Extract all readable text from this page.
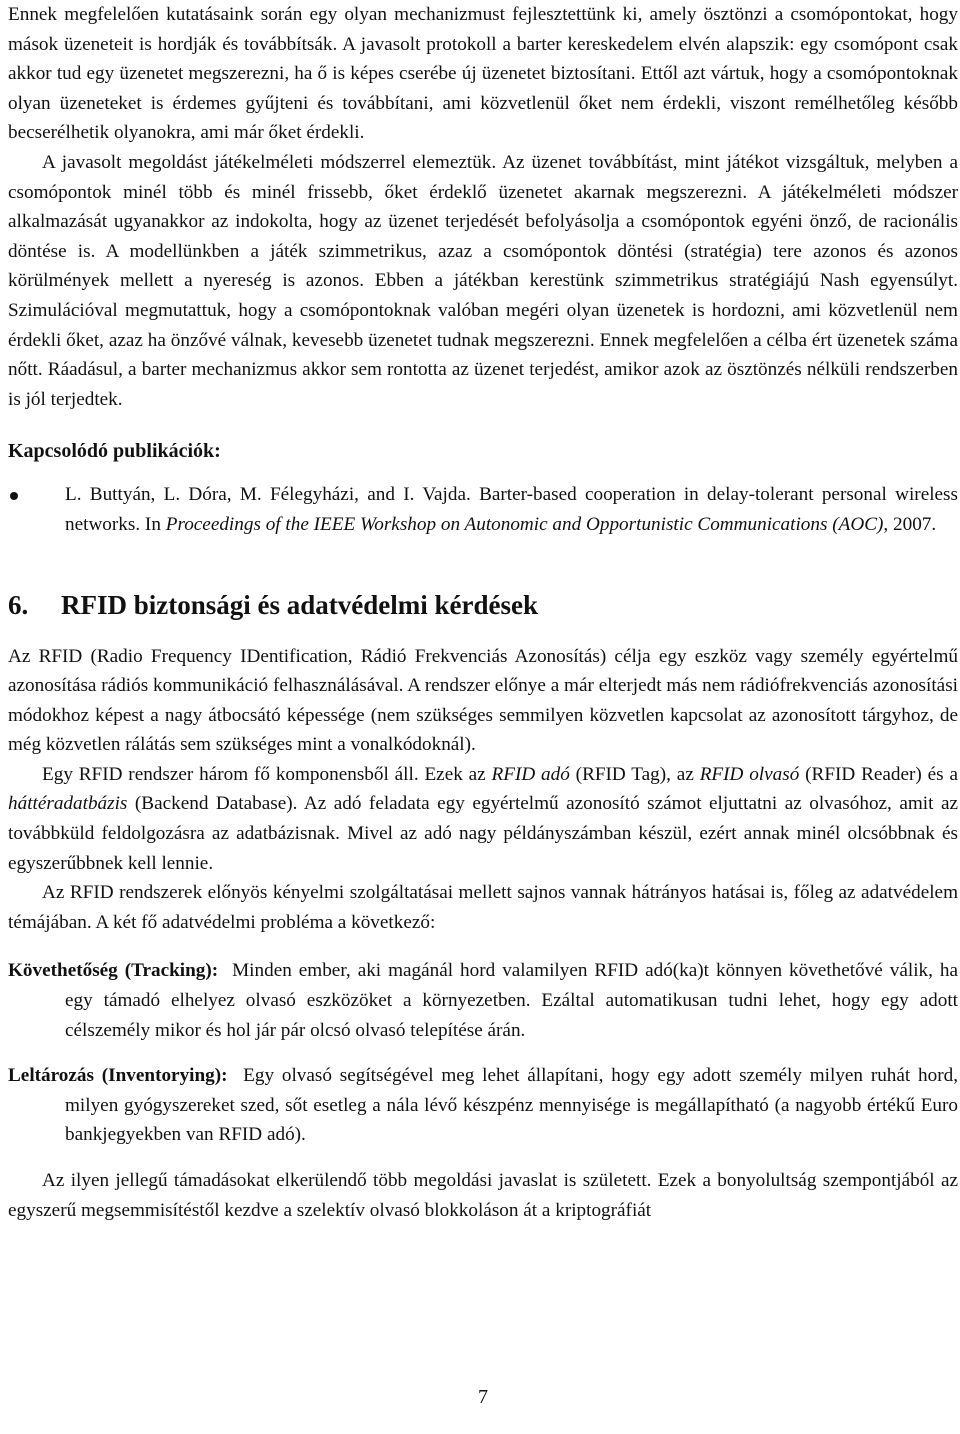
Ennek megfelelően kutatásaink során egy olyan mechanizmust fejlesztettünk ki, amely ösztönzi a csomópontokat, hogy mások üzeneteit is hordják és továbbítsák. A javasolt protokoll a barter kereskedelem elvén alapszik: egy csomópont csak akkor tud egy üzenetet megszerezni, ha ő is képes cserébe új üzenetet biztosítani. Ettől azt vártuk, hogy a csomópontoknak olyan üzeneteket is érdemes gyűjteni és továbbítani, ami közvetlenül őket nem érdekli, viszont remélhetőleg később becserélhetik olyanokra, ami már őket érdekli.

A javasolt megoldást játékelméleti módszerrel elemeztük. Az üzenet továbbítást, mint játékot vizsgáltuk, melyben a csomópontok minél több és minél frissebb, őket érdeklő üzenetet akarnak megszerezni. A játékelméleti módszer alkalmazását ugyanakkor az indokolta, hogy az üzenet terjedését befolyásolja a csomópontok egyéni önző, de racionális döntése is. A modellünkben a játék szimmetrikus, azaz a csomópontok döntési (stratégia) tere azonos és azonos körülmények mellett a nyereség is azonos. Ebben a játékban kerestünk szimmetrikus stratégiájú Nash egyensúlyt. Szimulációval megmutattuk, hogy a csomópontoknak valóban megéri olyan üzenetek is hordozni, ami közvetlenül nem érdekli őket, azaz ha önzővé válnak, kevesebb üzenetet tudnak megszerezni. Ennek megfelelően a célba ért üzenetek száma nőtt. Ráadásul, a barter mechanizmus akkor sem rontotta az üzenet terjedést, amikor azok az ösztönzés nélküli rendszerben is jól terjedtek.

Kapcsolódó publikációk:
L. Buttyán, L. Dóra, M. Félegyházi, and I. Vajda. Barter-based cooperation in delay-tolerant personal wireless networks. In Proceedings of the IEEE Workshop on Autonomic and Opportunistic Communications (AOC), 2007.
6.	RFID biztonsági és adatvédelmi kérdések

Az RFID (Radio Frequency IDentification, Rádió Frekvenciás Azonosítás) célja egy eszköz vagy személy egyértelmű azonosítása rádiós kommunikáció felhasználásával. A rendszer előnye a már elterjedt más nem rádiófrekvenciás azonosítási módokhoz képest a nagy átbocsátó képessége (nem szükséges semmilyen közvetlen kapcsolat az azonosított tárgyhoz, de még közvetlen rálátás sem szükséges mint a vonalkódoknál).

Egy RFID rendszer három fő komponensből áll. Ezek az RFID adó (RFID Tag), az RFID olvasó (RFID Reader) és a háttéradatbázis (Backend Database). Az adó feladata egy egyértelmű azonosító számot eljuttatni az olvasóhoz, amit az továbbküld feldolgozásra az adatbázisnak. Mivel az adó nagy példányszámban készül, ezért annak minél olcsóbbnak és egyszerűbbnek kell lennie.

Az RFID rendszerek előnyös kényelmi szolgáltatásai mellett sajnos vannak hátrányos hatásai is, főleg az adatvédelem témájában. A két fő adatvédelmi probléma a következő:

Követhetőség (Tracking): Minden ember, aki magánál hord valamilyen RFID adó(ka)t könnyen követhetővé válik, ha egy támadó elhelyez olvasó eszközöket a környezetben. Ezáltal automatikusan tudni lehet, hogy egy adott célszemély mikor és hol jár pár olcsó olvasó telepítése árán.

Leltározás (Inventorying): Egy olvasó segítségével meg lehet állapítani, hogy egy adott személy milyen ruhát hord, milyen gyógyszereket szed, sőt esetleg a nála lévő készpénz mennyisége is megállapítható (a nagyobb értékű Euro bankjegyekben van RFID adó).

Az ilyen jellegű támadásokat elkerülendő több megoldási javaslat is született. Ezek a bonyolultság szempontjából az egyszerű megsemmisítéstől kezdve a szelektív olvasó blokkoláson át a kriptográfiát

7
